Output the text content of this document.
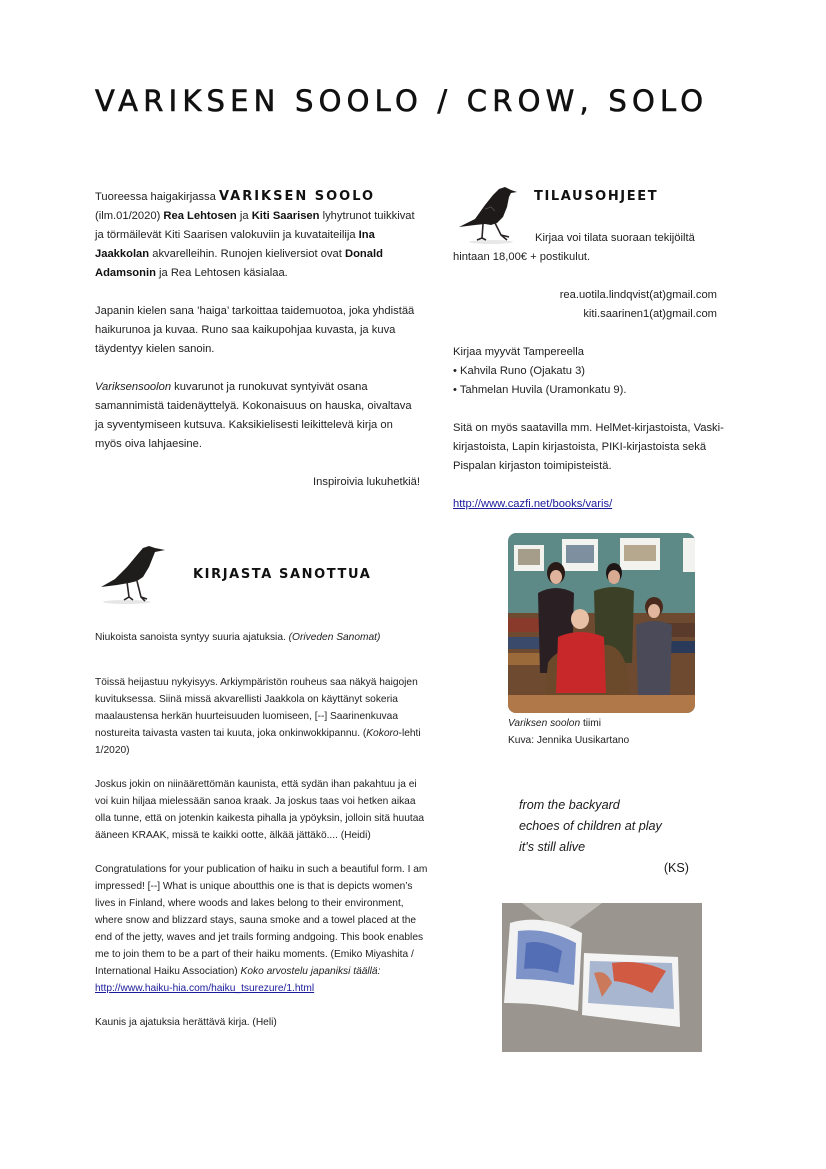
VARIKSEN SOOLO / CROW, SOLO

Tuoreessa haigakirjassa VARIKSEN SOOLO
(ilm.01/2020) Rea Lehtosen ja Kiti Saarisen lyhytrunot tuikkivat ja törmäilevät Kiti Saarisen valokuviin ja kuvataiteilija Ina Jaakkolan akvarelleihin. Runojen kieliversiot ovat Donald Adamsonin ja Rea Lehtosen käsialaa.

Japanin kielen sana ’haiga’ tarkoittaa taidemuotoa, joka yhdistää haikurunoa ja kuvaa. Runo saa kaikupohjaa kuvasta, ja kuva täydentyy kielen sanoin.

Variksensoolon kuvarunot ja runokuvat syntyivät osana samannimistä taidenäyttelyä. Kokonaisuus on hauska, oivaltava ja syventymiseen kutsuva. Kaksikielisesti leikittelevä kirja on myös oiva lahjaesine.

Inspiroivia lukuhetkiä!

TILAUSOHJEET

Kirjaa voi tilata suoraan tekijöiltä

hintaan 18,00€ + postikulut.

rea.uotila.lindqvist(at)gmail.com

kiti.saarinen1(at)gmail.com

Kirjaa myyvät Tampereella

• Kahvila Runo (Ojakatu 3)

• Tahmelan Huvila (Uramonkatu 9).

Sitä on myös saatavilla mm. HelMet-kirjastoista, Vaski-kirjastoista, Lapin kirjastoista, PIKI-kirjastoista sekä Pispalan kirjaston toimipisteistä.

http://www.cazfi.net/books/varis/

KIRJASTA SANOTTUA

Niukoista sanoista syntyy suuria ajatuksia. (Oriveden Sanomat)

Töissä heijastuu nykyisyys. Arkiympäristön rouheus saa näkyä haigojen kuvituksessa. Siinä missä akvarellisti Jaakkola on käyttänyt sokeria maalaustensa herkän huurteisuuden luomiseen, [--] Saarinenkuvaa nostureita taivasta vasten tai kuuta, joka onkinwokkipannu. (Kokoro-lehti 1/2020)

Joskus jokin on niinäärettömän kaunista, että sydän ihan pakahtuu ja ei voi kuin hiljaa mielessään sanoa kraak. Ja joskus taas voi hetken aikaa olla tunne, että on jotenkin kaikesta pihalla ja ypöyksin, jolloin sitä huutaa ääneen KRAAK, missä te kaikki ootte, älkää jättäkö.... (Heidi)

Congratulations for your publication of haiku in such a beautiful form. I am impressed! [--] What is unique aboutthis one is that is depicts women’s lives in Finland, where woods and lakes belong to their environment, where snow and blizzard stays, sauna smoke and a towel placed at the end of the jetty, waves and jet trails forming andgoing. This book enables me to join them to be a part of their haiku moments. (Emiko Miyashita / International Haiku Association) Koko arvostelu japaniksi täällä:
http://www.haiku-hia.com/haiku_tsurezure/1.html

Kaunis ja ajatuksia herättävä kirja. (Heli)

Variksen soolon tiimi

Kuva: Jennika Uusikartano

from the backyard

echoes of children at play

it's still alive

(KS)
